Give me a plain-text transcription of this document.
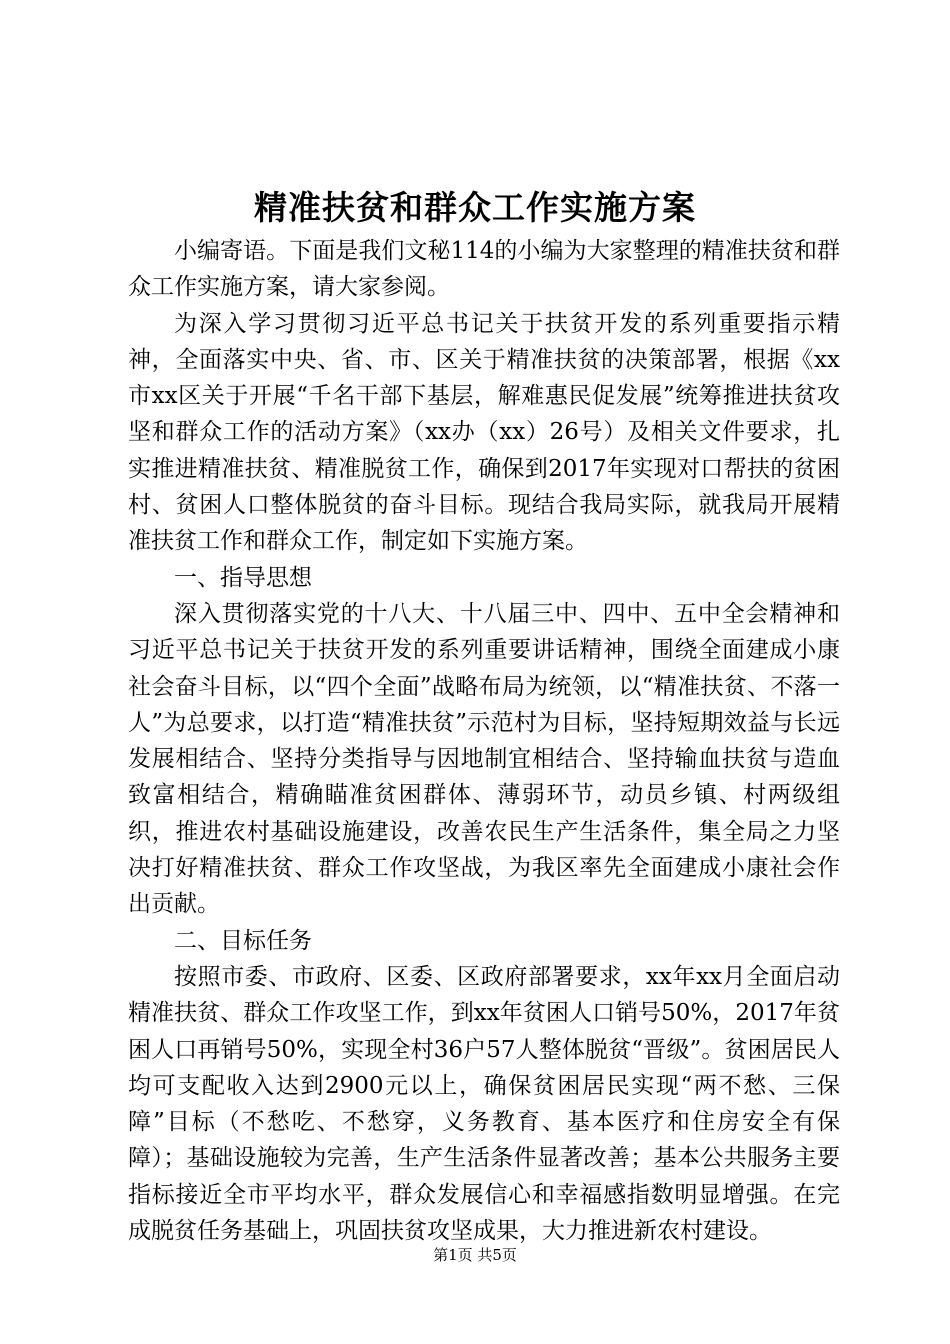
精准扶贫和群众工作实施方案

小编寄语。下面是我们文秘114的小编为大家整理的精准扶贫和群众工作实施方案，请大家参阅。

为深入学习贯彻习近平总书记关于扶贫开发的系列重要指示精神，全面落实中央、省、市、区关于精准扶贫的决策部署，根据《xx市xx区关于开展“千名干部下基层，解难惠民促发展”统筹推进扶贫攻坚和群众工作的活动方案》（xx办（xx）26号）及相关文件要求，扎实推进精准扶贫、精准脱贫工作，确保到2017年实现对口帮扶的贫困村、贫困人口整体脱贫的奋斗目标。现结合我局实际，就我局开展精准扶贫工作和群众工作，制定如下实施方案。

一、指导思想

深入贯彻落实党的十八大、十八届三中、四中、五中全会精神和习近平总书记关于扶贫开发的系列重要讲话精神，围绕全面建成小康社会奋斗目标，以“四个全面”战略布局为统领，以“精准扶贫、不落一人”为总要求，以打造“精准扶贫”示范村为目标，坚持短期效益与长远发展相结合、坚持分类指导与因地制宜相结合、坚持输血扶贫与造血致富相结合，精确瞄准贫困群体、薄弱环节，动员乡镇、村两级组织，推进农村基础设施建设，改善农民生产生活条件，集全局之力坚决打好精准扶贫、群众工作攻坚战，为我区率先全面建成小康社会作出贡献。

二、目标任务

按照市委、市政府、区委、区政府部署要求，xx年xx月全面启动精准扶贫、群众工作攻坚工作，到xx年贫困人口销号50%，2017年贫困人口再销号50%，实现全村36户57人整体脱贫“晋级”。贫困居民人均可支配收入达到2900元以上，确保贫困居民实现“两不愁、三保障”目标（不愁吃、不愁穿，义务教育、基本医疗和住房安全有保障）；基础设施较为完善，生产生活条件显著改善；基本公共服务主要指标接近全市平均水平，群众发展信心和幸福感指数明显增强。在完成脱贫任务基础上，巩固扶贫攻坚成果，大力推进新农村建设。

第1页 共5页
